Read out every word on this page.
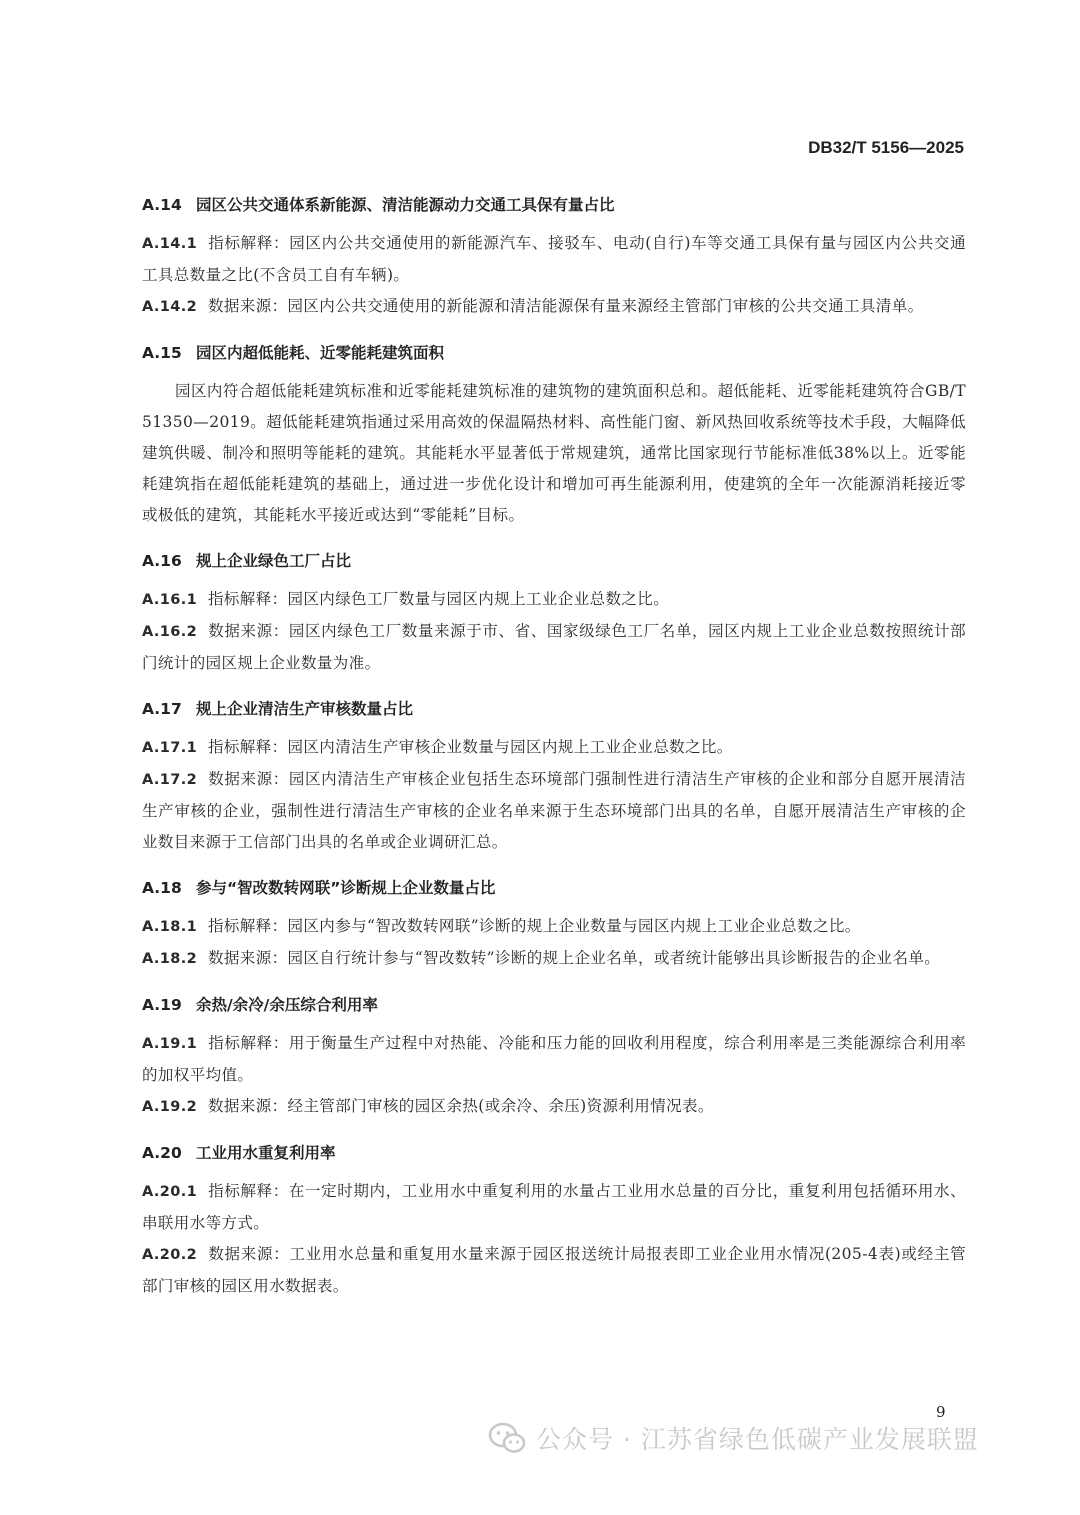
DB32/T 5156—2025
A.14 园区公共交通体系新能源、清洁能源动力交通工具保有量占比

A.14.1 指标解释：园区内公共交通使用的新能源汽车、接驳车、电动(自行)车等交通工具保有量与园区内公共交通工具总数量之比(不含员工自有车辆)。

A.14.2 数据来源：园区内公共交通使用的新能源和清洁能源保有量来源经主管部门审核的公共交通工具清单。

A.15 园区内超低能耗、近零能耗建筑面积

园区内符合超低能耗建筑标准和近零能耗建筑标准的建筑物的建筑面积总和。超低能耗、近零能耗建筑符合GB/T 51350—2019。超低能耗建筑指通过采用高效的保温隔热材料、高性能门窗、新风热回收系统等技术手段，大幅降低建筑供暖、制冷和照明等能耗的建筑。其能耗水平显著低于常规建筑，通常比国家现行节能标准低38%以上。近零能耗建筑指在超低能耗建筑的基础上，通过进一步优化设计和增加可再生能源利用，使建筑的全年一次能源消耗接近零或极低的建筑，其能耗水平接近或达到“零能耗”目标。

A.16 规上企业绿色工厂占比

A.16.1 指标解释：园区内绿色工厂数量与园区内规上工业企业总数之比。

A.16.2 数据来源：园区内绿色工厂数量来源于市、省、国家级绿色工厂名单，园区内规上工业企业总数按照统计部门统计的园区规上企业数量为准。

A.17 规上企业清洁生产审核数量占比

A.17.1 指标解释：园区内清洁生产审核企业数量与园区内规上工业企业总数之比。

A.17.2 数据来源：园区内清洁生产审核企业包括生态环境部门强制性进行清洁生产审核的企业和部分自愿开展清洁生产审核的企业，强制性进行清洁生产审核的企业名单来源于生态环境部门出具的名单，自愿开展清洁生产审核的企业数目来源于工信部门出具的名单或企业调研汇总。

A.18 参与“智改数转网联”诊断规上企业数量占比

A.18.1 指标解释：园区内参与“智改数转网联”诊断的规上企业数量与园区内规上工业企业总数之比。

A.18.2 数据来源：园区自行统计参与“智改数转”诊断的规上企业名单，或者统计能够出具诊断报告的企业名单。

A.19 余热/余冷/余压综合利用率

A.19.1 指标解释：用于衡量生产过程中对热能、冷能和压力能的回收利用程度，综合利用率是三类能源综合利用率的加权平均值。

A.19.2 数据来源：经主管部门审核的园区余热(或余冷、余压)资源利用情况表。

A.20 工业用水重复利用率

A.20.1 指标解释：在一定时期内，工业用水中重复利用的水量占工业用水总量的百分比，重复利用包括循环用水、串联用水等方式。

A.20.2 数据来源：工业用水总量和重复用水量来源于园区报送统计局报表即工业企业用水情况(205-4表)或经主管部门审核的园区用水数据表。

9
公众号 · 江苏省绿色低碳产业发展联盟
